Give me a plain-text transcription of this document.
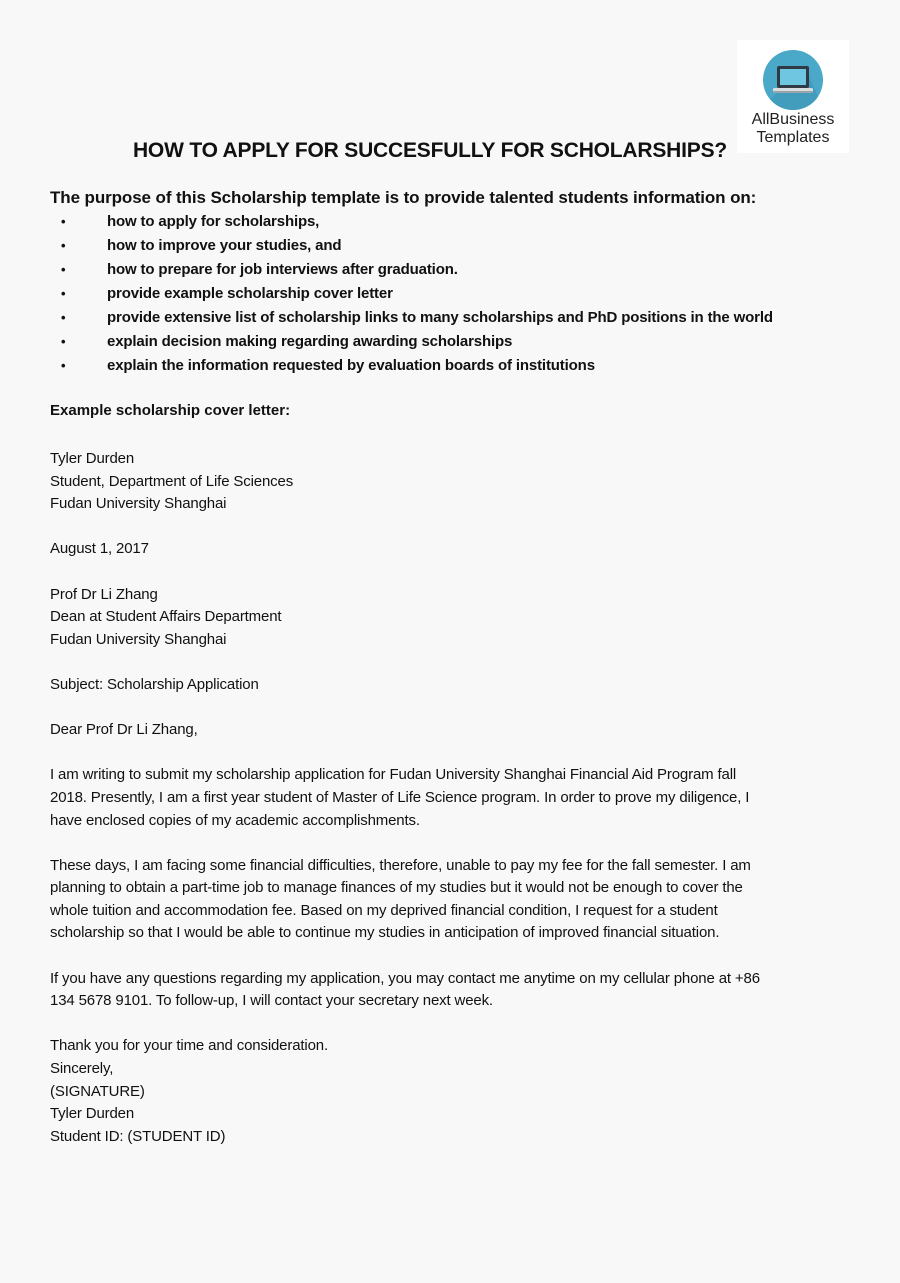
AllBusiness
Templates
HOW TO APPLY FOR SUCCESFULLY FOR SCHOLARSHIPS?
The purpose of this Scholarship template is to provide talented students information on:
•	how to apply for scholarships,
•	how to improve your studies, and
•	how to prepare for job interviews after graduation.
•	provide example scholarship cover letter
•	provide extensive list of scholarship links to many scholarships and PhD positions in the world
•	explain decision making regarding awarding scholarships
•	explain the information requested by evaluation boards of institutions
Example scholarship cover letter:
Tyler Durden
Student, Department of Life Sciences
Fudan University Shanghai
August 1, 2017
Prof Dr Li Zhang
Dean at Student Affairs Department
Fudan University Shanghai
Subject: Scholarship Application
Dear Prof Dr Li Zhang,
I am writing to submit my scholarship application for Fudan University Shanghai Financial Aid Program fall
2018. Presently, I am a first year student of Master of Life Science program. In order to prove my diligence, I
have enclosed copies of my academic accomplishments.
These days, I am facing some financial difficulties, therefore, unable to pay my fee for the fall semester. I am
planning to obtain a part-time job to manage finances of my studies but it would not be enough to cover the
whole tuition and accommodation fee. Based on my deprived financial condition, I request for a student
scholarship so that I would be able to continue my studies in anticipation of improved financial situation.
If you have any questions regarding my application, you may contact me anytime on my cellular phone at +86
134 5678 9101. To follow-up, I will contact your secretary next week.
Thank you for your time and consideration.
Sincerely,
(SIGNATURE)
Tyler Durden
Student ID: (STUDENT ID)
